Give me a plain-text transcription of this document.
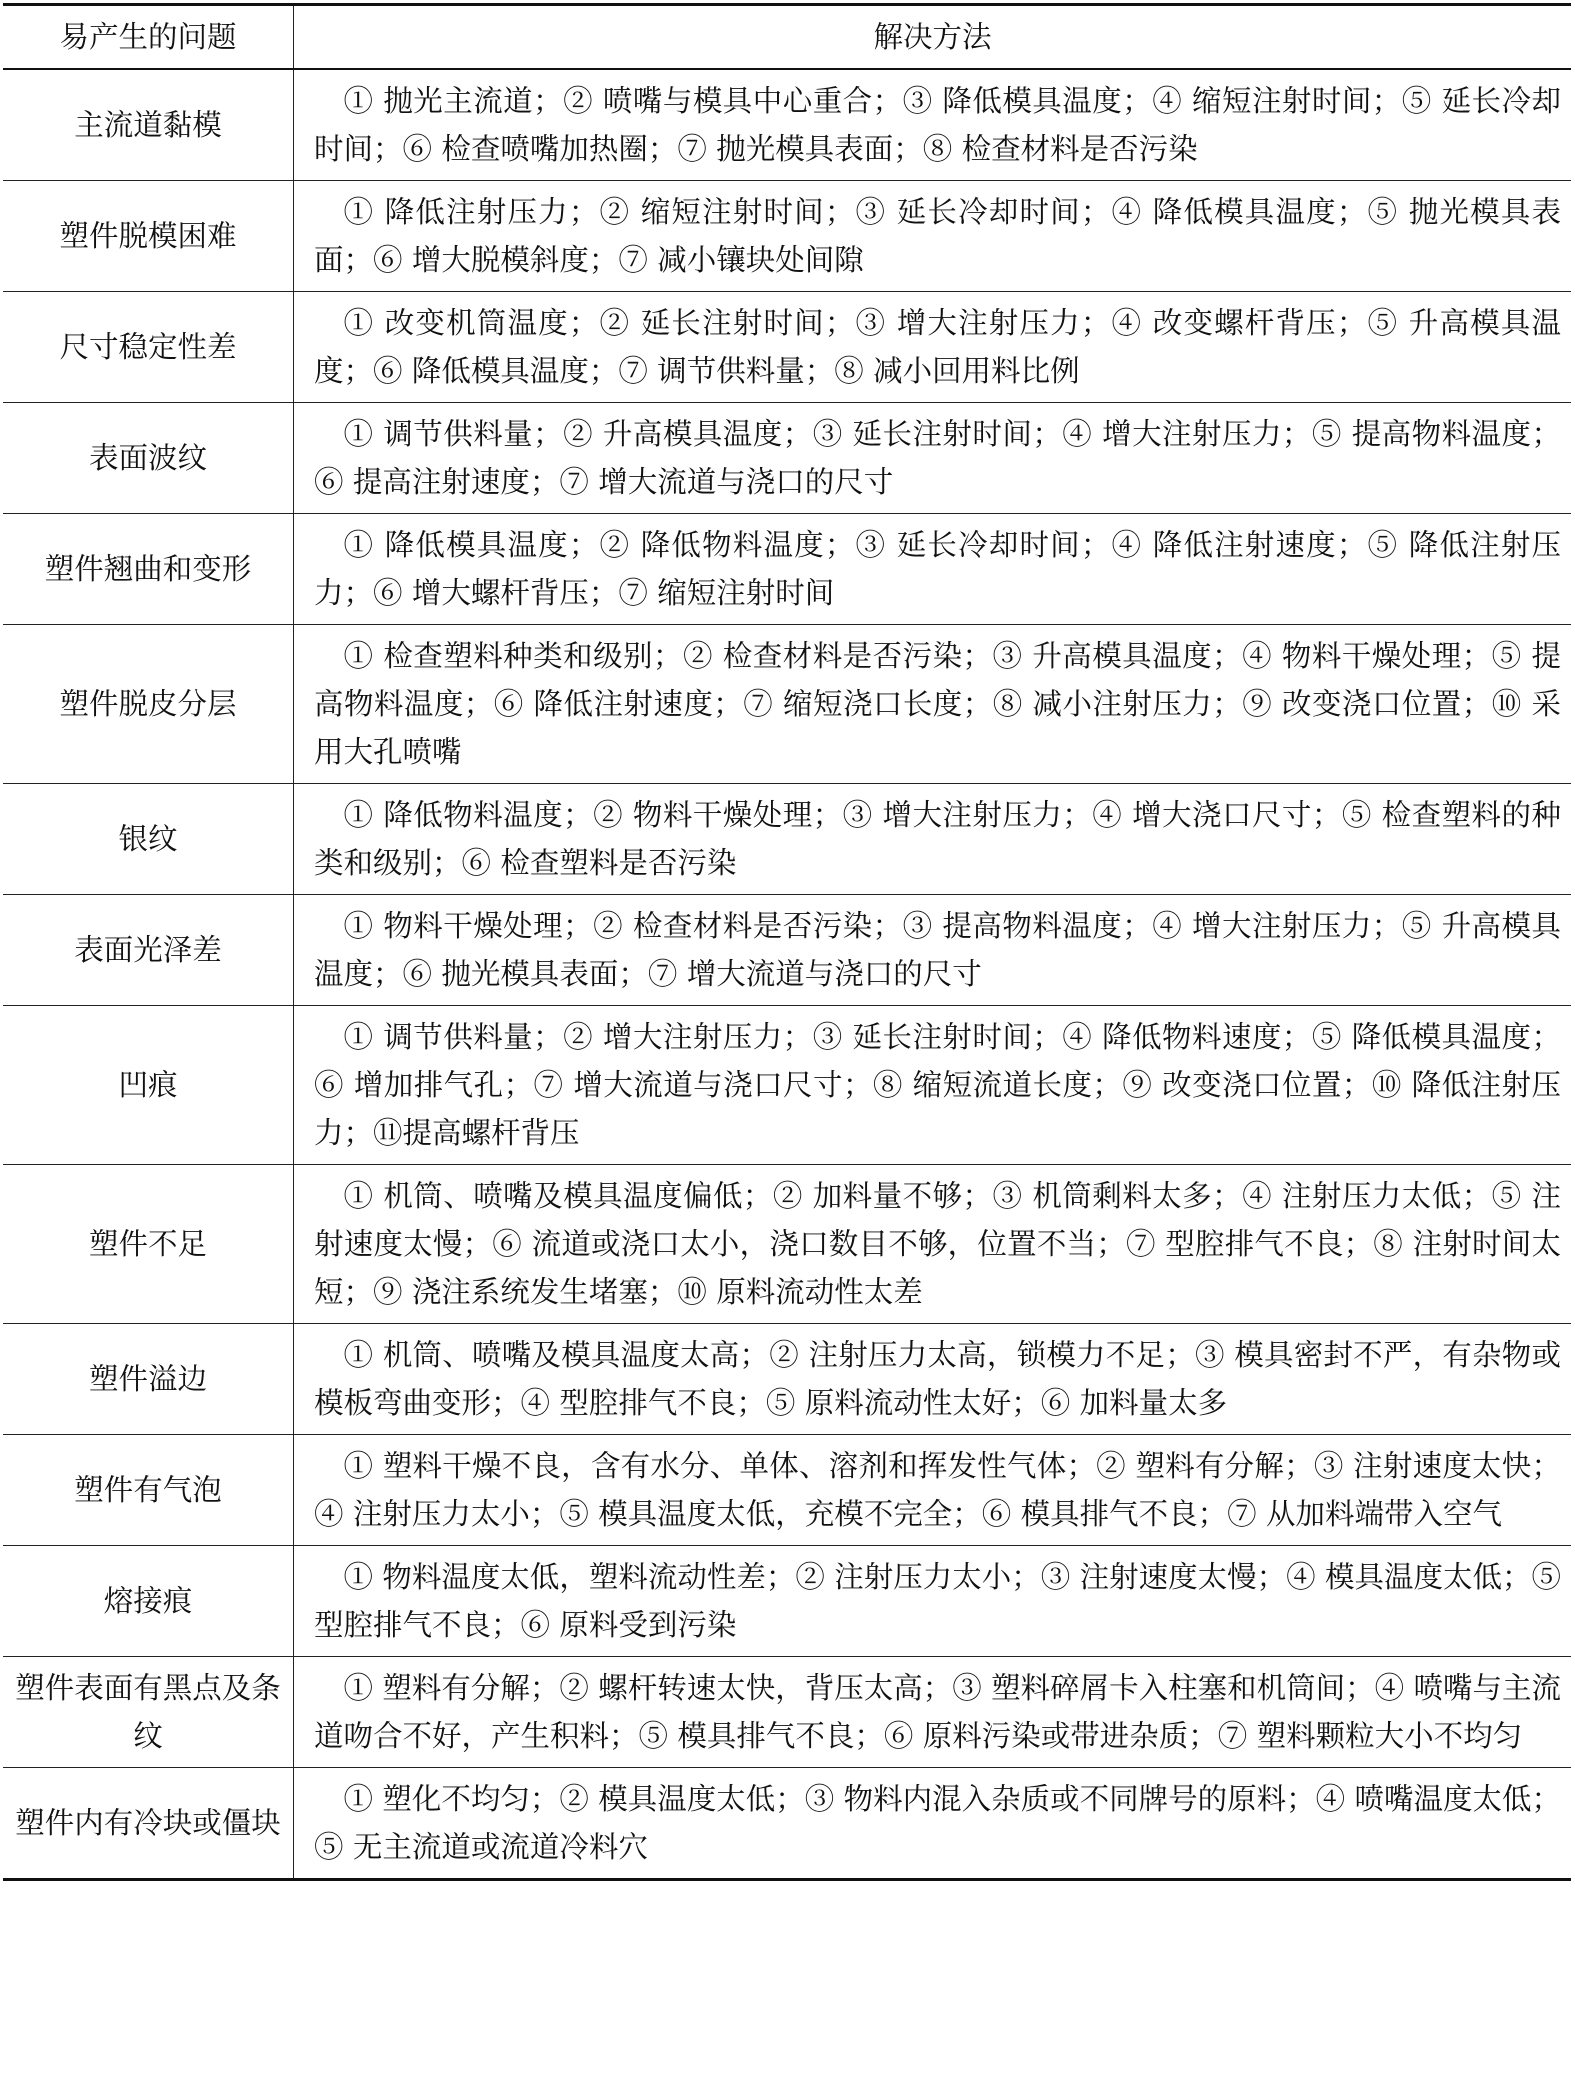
易产生的问题	解决方法
主流道黏模	① 抛光主流道；② 喷嘴与模具中心重合；③ 降低模具温度；④ 缩短注射时间；⑤ 延长冷却时间；⑥ 检查喷嘴加热圈；⑦ 抛光模具表面；⑧ 检查材料是否污染

塑件脱模困难	① 降低注射压力；② 缩短注射时间；③ 延长冷却时间；④ 降低模具温度；⑤ 抛光模具表面；⑥ 增大脱模斜度；⑦ 减小镶块处间隙

尺寸稳定性差	① 改变机筒温度；② 延长注射时间；③ 增大注射压力；④ 改变螺杆背压；⑤ 升高模具温度；⑥ 降低模具温度；⑦ 调节供料量；⑧ 减小回用料比例

表面波纹	① 调节供料量；② 升高模具温度；③ 延长注射时间；④ 增大注射压力；⑤ 提高物料温度；⑥ 提高注射速度；⑦ 增大流道与浇口的尺寸

塑件翘曲和变形	① 降低模具温度；② 降低物料温度；③ 延长冷却时间；④ 降低注射速度；⑤ 降低注射压力；⑥ 增大螺杆背压；⑦ 缩短注射时间

塑件脱皮分层	① 检查塑料种类和级别；② 检查材料是否污染；③ 升高模具温度；④ 物料干燥处理；⑤ 提高物料温度；⑥ 降低注射速度；⑦ 缩短浇口长度；⑧ 减小注射压力；⑨ 改变浇口位置；⑩ 采用大孔喷嘴

银纹	① 降低物料温度；② 物料干燥处理；③ 增大注射压力；④ 增大浇口尺寸；⑤ 检查塑料的种类和级别；⑥ 检查塑料是否污染

表面光泽差	① 物料干燥处理；② 检查材料是否污染；③ 提高物料温度；④ 增大注射压力；⑤ 升高模具温度；⑥ 抛光模具表面；⑦ 增大流道与浇口的尺寸

凹痕	① 调节供料量；② 增大注射压力；③ 延长注射时间；④ 降低物料速度；⑤ 降低模具温度；⑥ 增加排气孔；⑦ 增大流道与浇口尺寸；⑧ 缩短流道长度；⑨ 改变浇口位置；⑩ 降低注射压力；⑪提高螺杆背压

塑件不足	① 机筒、喷嘴及模具温度偏低；② 加料量不够；③ 机筒剩料太多；④ 注射压力太低；⑤ 注射速度太慢；⑥ 流道或浇口太小，浇口数目不够，位置不当；⑦ 型腔排气不良；⑧ 注射时间太短；⑨ 浇注系统发生堵塞；⑩ 原料流动性太差

塑件溢边	① 机筒、喷嘴及模具温度太高；② 注射压力太高，锁模力不足；③ 模具密封不严，有杂物或模板弯曲变形；④ 型腔排气不良；⑤ 原料流动性太好；⑥ 加料量太多

塑件有气泡	① 塑料干燥不良，含有水分、单体、溶剂和挥发性气体；② 塑料有分解；③ 注射速度太快；④ 注射压力太小；⑤ 模具温度太低，充模不完全；⑥ 模具排气不良；⑦ 从加料端带入空气

熔接痕	① 物料温度太低，塑料流动性差；② 注射压力太小；③ 注射速度太慢；④ 模具温度太低；⑤ 型腔排气不良；⑥ 原料受到污染

塑件表面有黑点及条纹	① 塑料有分解；② 螺杆转速太快，背压太高；③ 塑料碎屑卡入柱塞和机筒间；④ 喷嘴与主流道吻合不好，产生积料；⑤ 模具排气不良；⑥ 原料污染或带进杂质；⑦ 塑料颗粒大小不均匀

塑件内有冷块或僵块	① 塑化不均匀；② 模具温度太低；③ 物料内混入杂质或不同牌号的原料；④ 喷嘴温度太低；⑤ 无主流道或流道冷料穴
